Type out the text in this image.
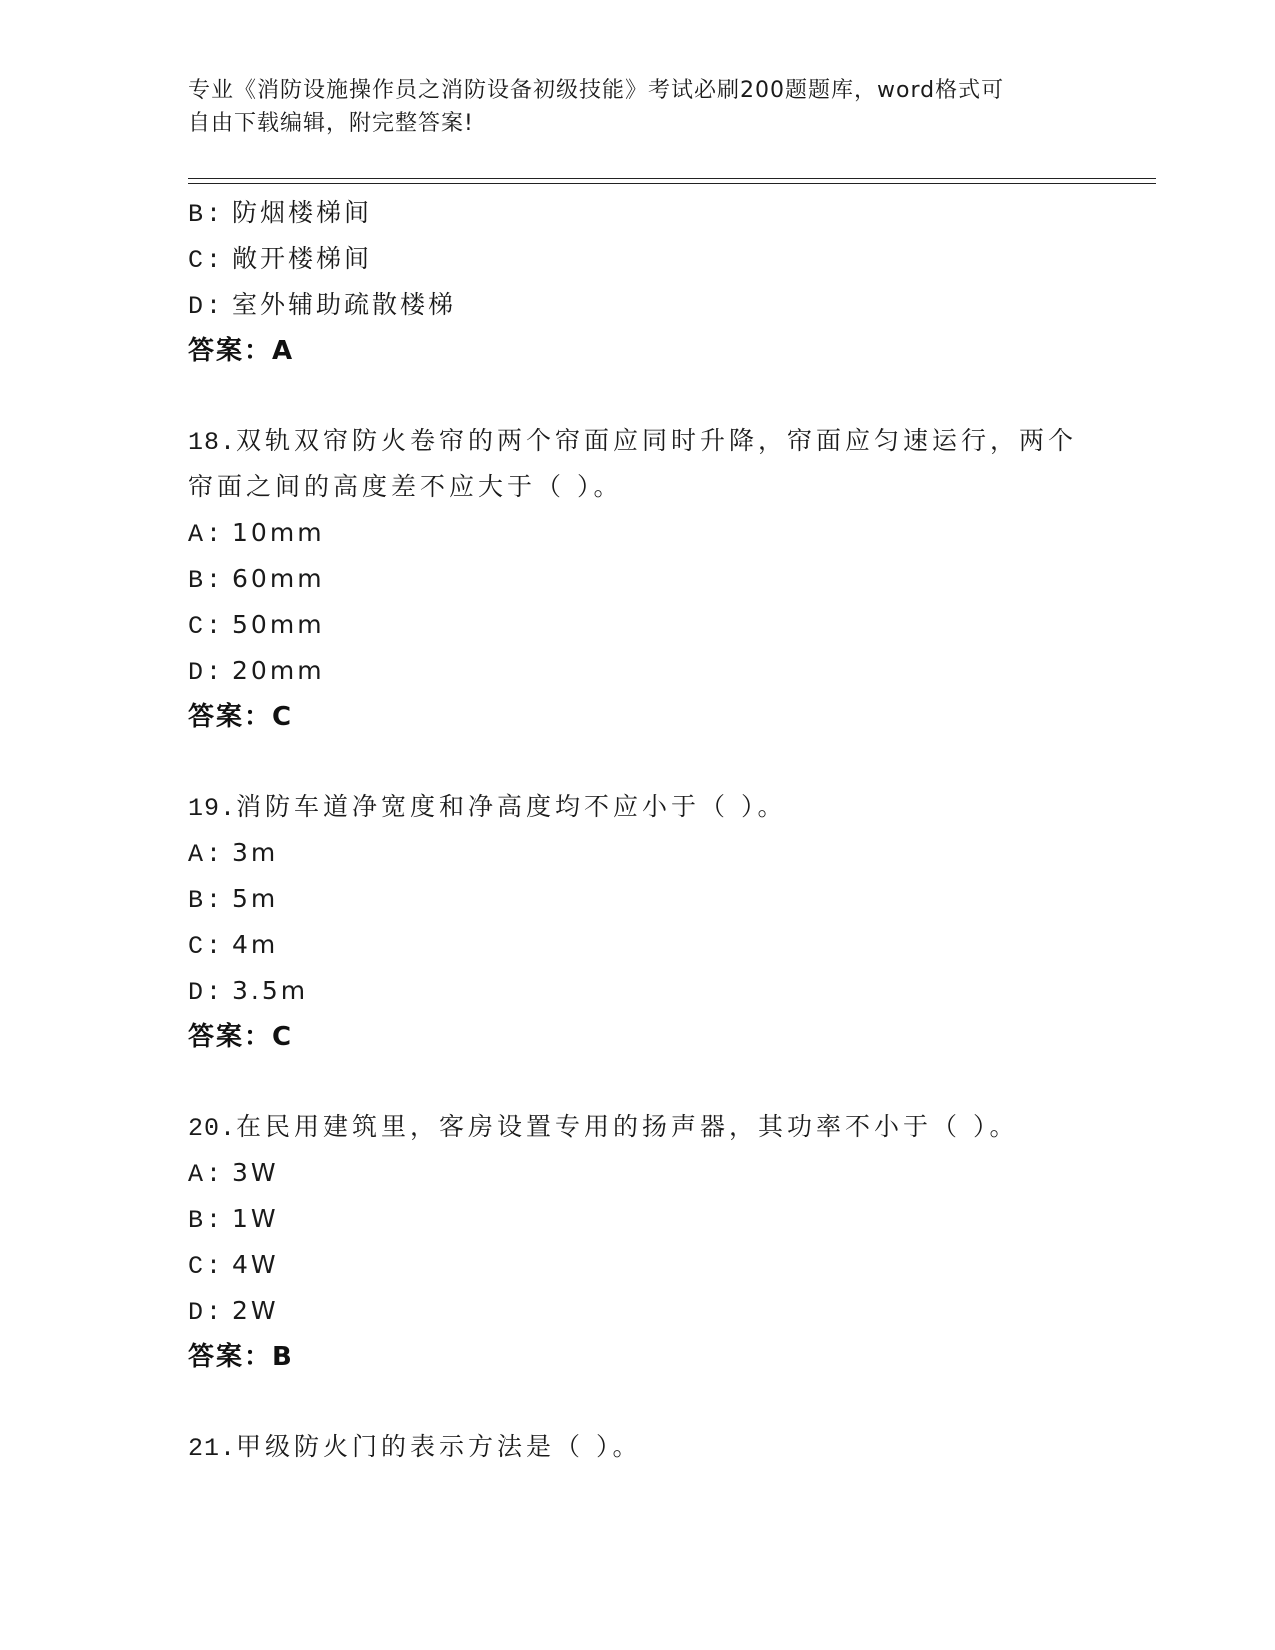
专业《消防设施操作员之消防设备初级技能》考试必刷200题题库，word格式可
自由下载编辑，附完整答案!
B: 防烟楼梯间
C: 敞开楼梯间
D: 室外辅助疏散楼梯
答案：A
18.双轨双帘防火卷帘的两个帘面应同时升降，帘面应匀速运行，两个
帘面之间的高度差不应大于（ ）。
A: 10mm
B: 60mm
C: 50mm
D: 20mm
答案：C
19.消防车道净宽度和净高度均不应小于（ ）。
A: 3m
B: 5m
C: 4m
D: 3.5m
答案：C
20.在民用建筑里，客房设置专用的扬声器，其功率不小于（ ）。
A: 3W
B: 1W
C: 4W
D: 2W
答案：B
21.甲级防火门的表示方法是（ ）。
